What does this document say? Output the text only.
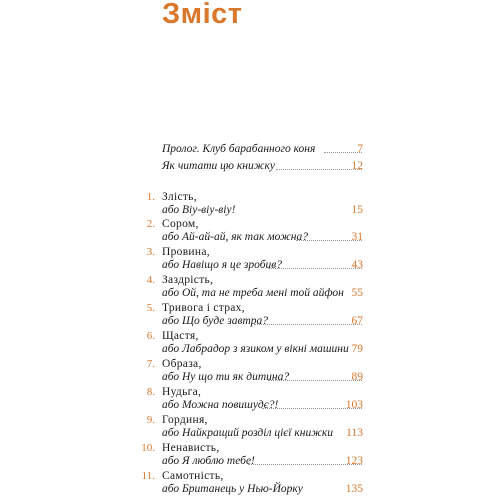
Зміст
Пролог. Клуб барабанного коня	7
Як читати цю книжку	12
1. Злість,
або Віу-віу-віу!	15
2. Сором,
або Ай-ай-ай, як так можна?	31
3. Провина,
або Навіщо я це зробив?	43
4. Заздрість,
або Ой, та не треба мені той айфон 55
5. Тривога і страх,
або Що буде завтра?	67
6. Щастя,
або Лабрадор з язиком у вікні машини 79
7. Образа,
або Ну що ти як дитина?	89
8. Нудьга,
або Можна повишудє?!	103
9. Гординя,
або Найкращий розділ цієї книжки 113
10. Ненависть,
або Я люблю тебе!	123
11. Самотність,
або Британець у Нью-Йорку	135
